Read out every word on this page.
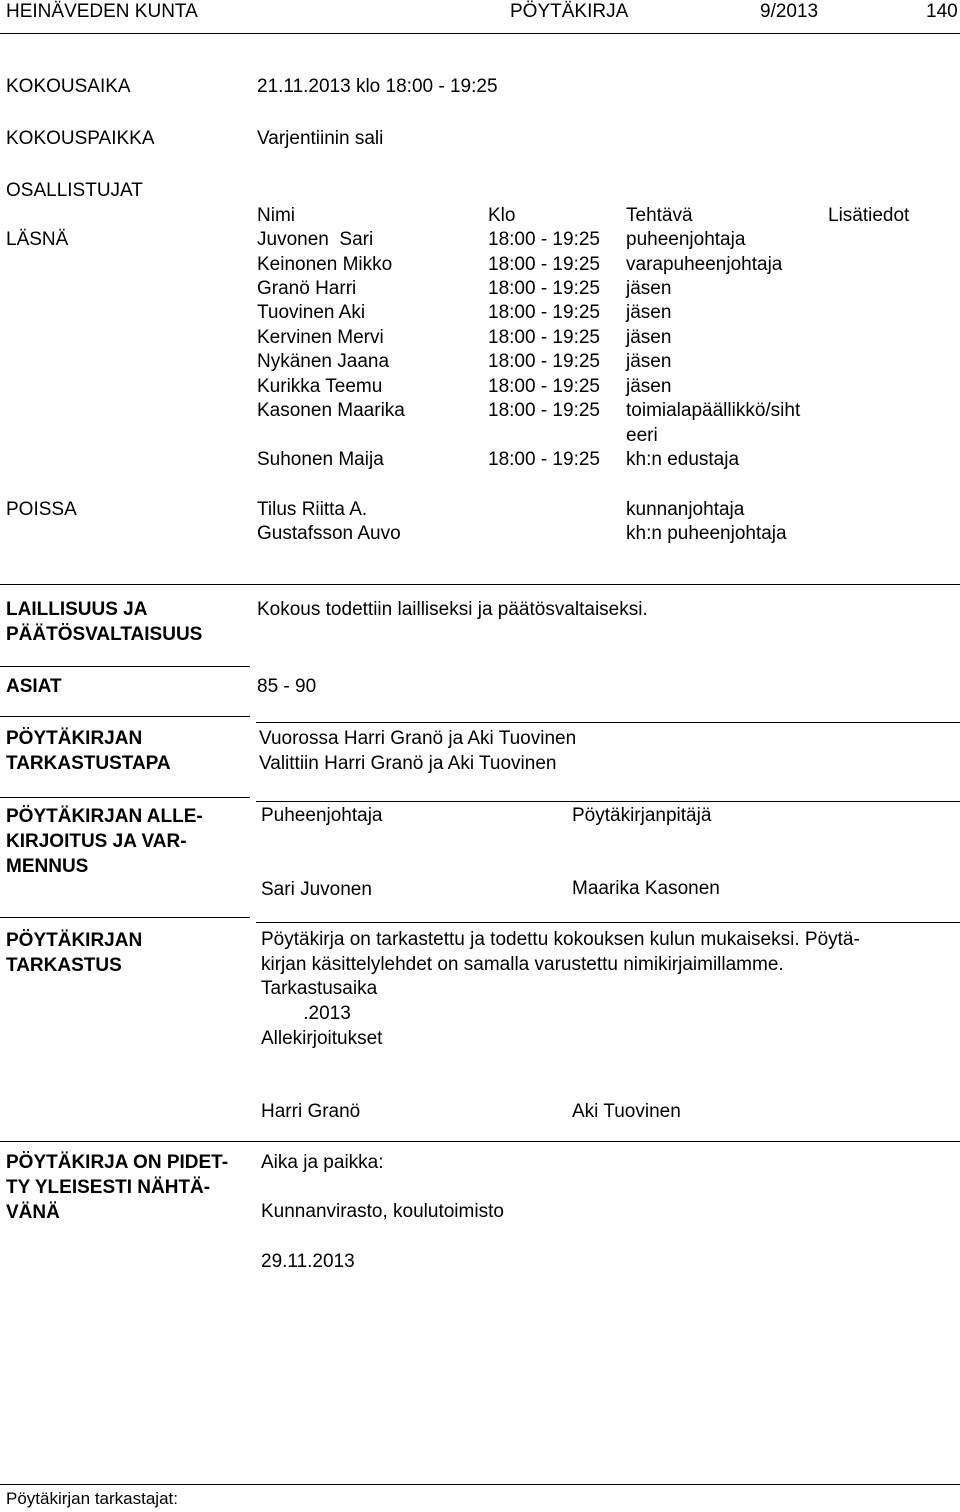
HEINÄVEDEN KUNTA	PÖYTÄKIRJA	9/2013	140
KOKOUSAIKA	21.11.2013 klo 18:00 - 19:25
KOKOUSPAIKKA	Varjentiinin sali
OSALLISTUJAT
Nimi	Klo	Tehtävä	Lisätiedot
LÄSNÄ	Juvonen  Sari	18:00 - 19:25 puheenjohtaja
Keinonen Mikko	18:00 - 19:25 varapuheenjohtaja
Granö Harri	18:00 - 19:25 jäsen
Tuovinen Aki	18:00 - 19:25 jäsen
Kervinen Mervi	18:00 - 19:25 jäsen
Nykänen Jaana	18:00 - 19:25 jäsen
Kurikka Teemu	18:00 - 19:25 jäsen
Kasonen Maarika	18:00 - 19:25 toimialapäällikkö/siht
eeri
Suhonen Maija	18:00 - 19:25 kh:n edustaja
POISSA	Tilus Riitta A.	kunnanjohtaja
Gustafsson Auvo	kh:n puheenjohtaja
LAILLISUUS JA
PÄÄTÖSVALTAISUUS
Kokous todettiin lailliseksi ja päätösvaltaiseksi.
ASIAT	85 - 90
PÖYTÄKIRJAN
TARKASTUSTAPA
Vuorossa Harri Granö ja Aki Tuovinen
Valittiin Harri Granö ja Aki Tuovinen
PÖYTÄKIRJAN ALLE-
KIRJOITUS JA VAR-
MENNUS
Puheenjohtaja	Pöytäkirjanpitäjä
Sari Juvonen	Maarika Kasonen
PÖYTÄKIRJAN
TARKASTUS
Pöytäkirja on tarkastettu ja todettu kokouksen kulun mukaiseksi. Pöytä-
kirjan käsittelylehdet on samalla varustettu nimikirjaimillamme.
Tarkastusaika
.2013
Allekirjoitukset
Harri Granö	Aki Tuovinen
PÖYTÄKIRJA ON PIDET-
TY YLEISESTI NÄHTÄ-
VÄNÄ
Aika ja paikka:
Kunnanvirasto, koulutoimisto
29.11.2013
Pöytäkirjan tarkastajat:
